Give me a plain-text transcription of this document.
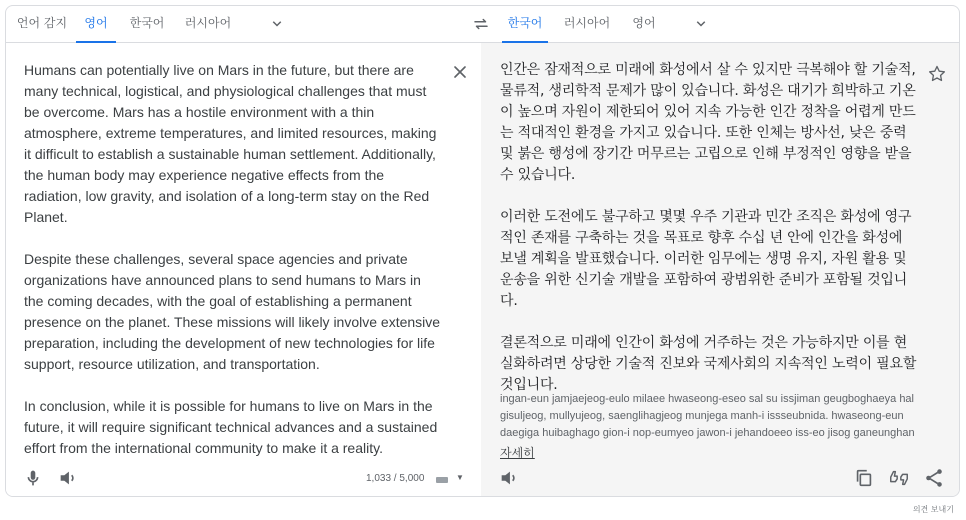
언어 감지	영어	한국어	러시아어	한국어	러시아어	영어

Humans can potentially live on Mars in the future, but there are many technical, logistical, and physiological challenges that must be overcome. Mars has a hostile environment with a thin atmosphere, extreme temperatures, and limited resources, making it difficult to establish a sustainable human settlement. Additionally, the human body may experience negative effects from the radiation, low gravity, and isolation of a long-term stay on the Red Planet.

Despite these challenges, several space agencies and private organizations have announced plans to send humans to Mars in the coming decades, with the goal of establishing a permanent presence on the planet. These missions will likely involve extensive preparation, including the development of new technologies for life support, resource utilization, and transportation.

In conclusion, while it is possible for humans to live on Mars in the future, it will require significant technical advances and a sustained effort from the international community to make it a reality.

1,033 / 5,000	▼

인간은 잠재적으로 미래에 화성에서 살 수 있지만 극복해야 할 기술적, 물류적, 생리학적 문제가 많이 있습니다. 화성은 대기가 희박하고 기온이 높으며 자원이 제한되어 있어 지속 가능한 인간 정착을 어렵게 만드는 적대적인 환경을 가지고 있습니다. 또한 인체는 방사선, 낮은 중력 및 붉은 행성에 장기간 머무르는 고립으로 인해 부정적인 영향을 받을 수 있습니다.

이러한 도전에도 불구하고 몇몇 우주 기관과 민간 조직은 화성에 영구적인 존재를 구축하는 것을 목표로 향후 수십 년 안에 인간을 화성에 보낼 계획을 발표했습니다. 이러한 임무에는 생명 유지, 자원 활용 및 운송을 위한 신기술 개발을 포함하여 광범위한 준비가 포함될 것입니다.

결론적으로 미래에 인간이 화성에 거주하는 것은 가능하지만 이를 현실화하려면 상당한 기술적 진보와 국제사회의 지속적인 노력이 필요할 것입니다.

ingan-eun jamjaejeog-eulo milaee hwaseong-eseo sal su issjiman geugboghaeya hal gisuljeog, mullyujeog, saenglihagjeog munjega manh-i issseubnida. hwaseong-eun daegiga huibaghago gion-i nop-eumyeo jawon-i jehandoeeo iss-eo jisog ganeunghan
자세히
의견 보내기
